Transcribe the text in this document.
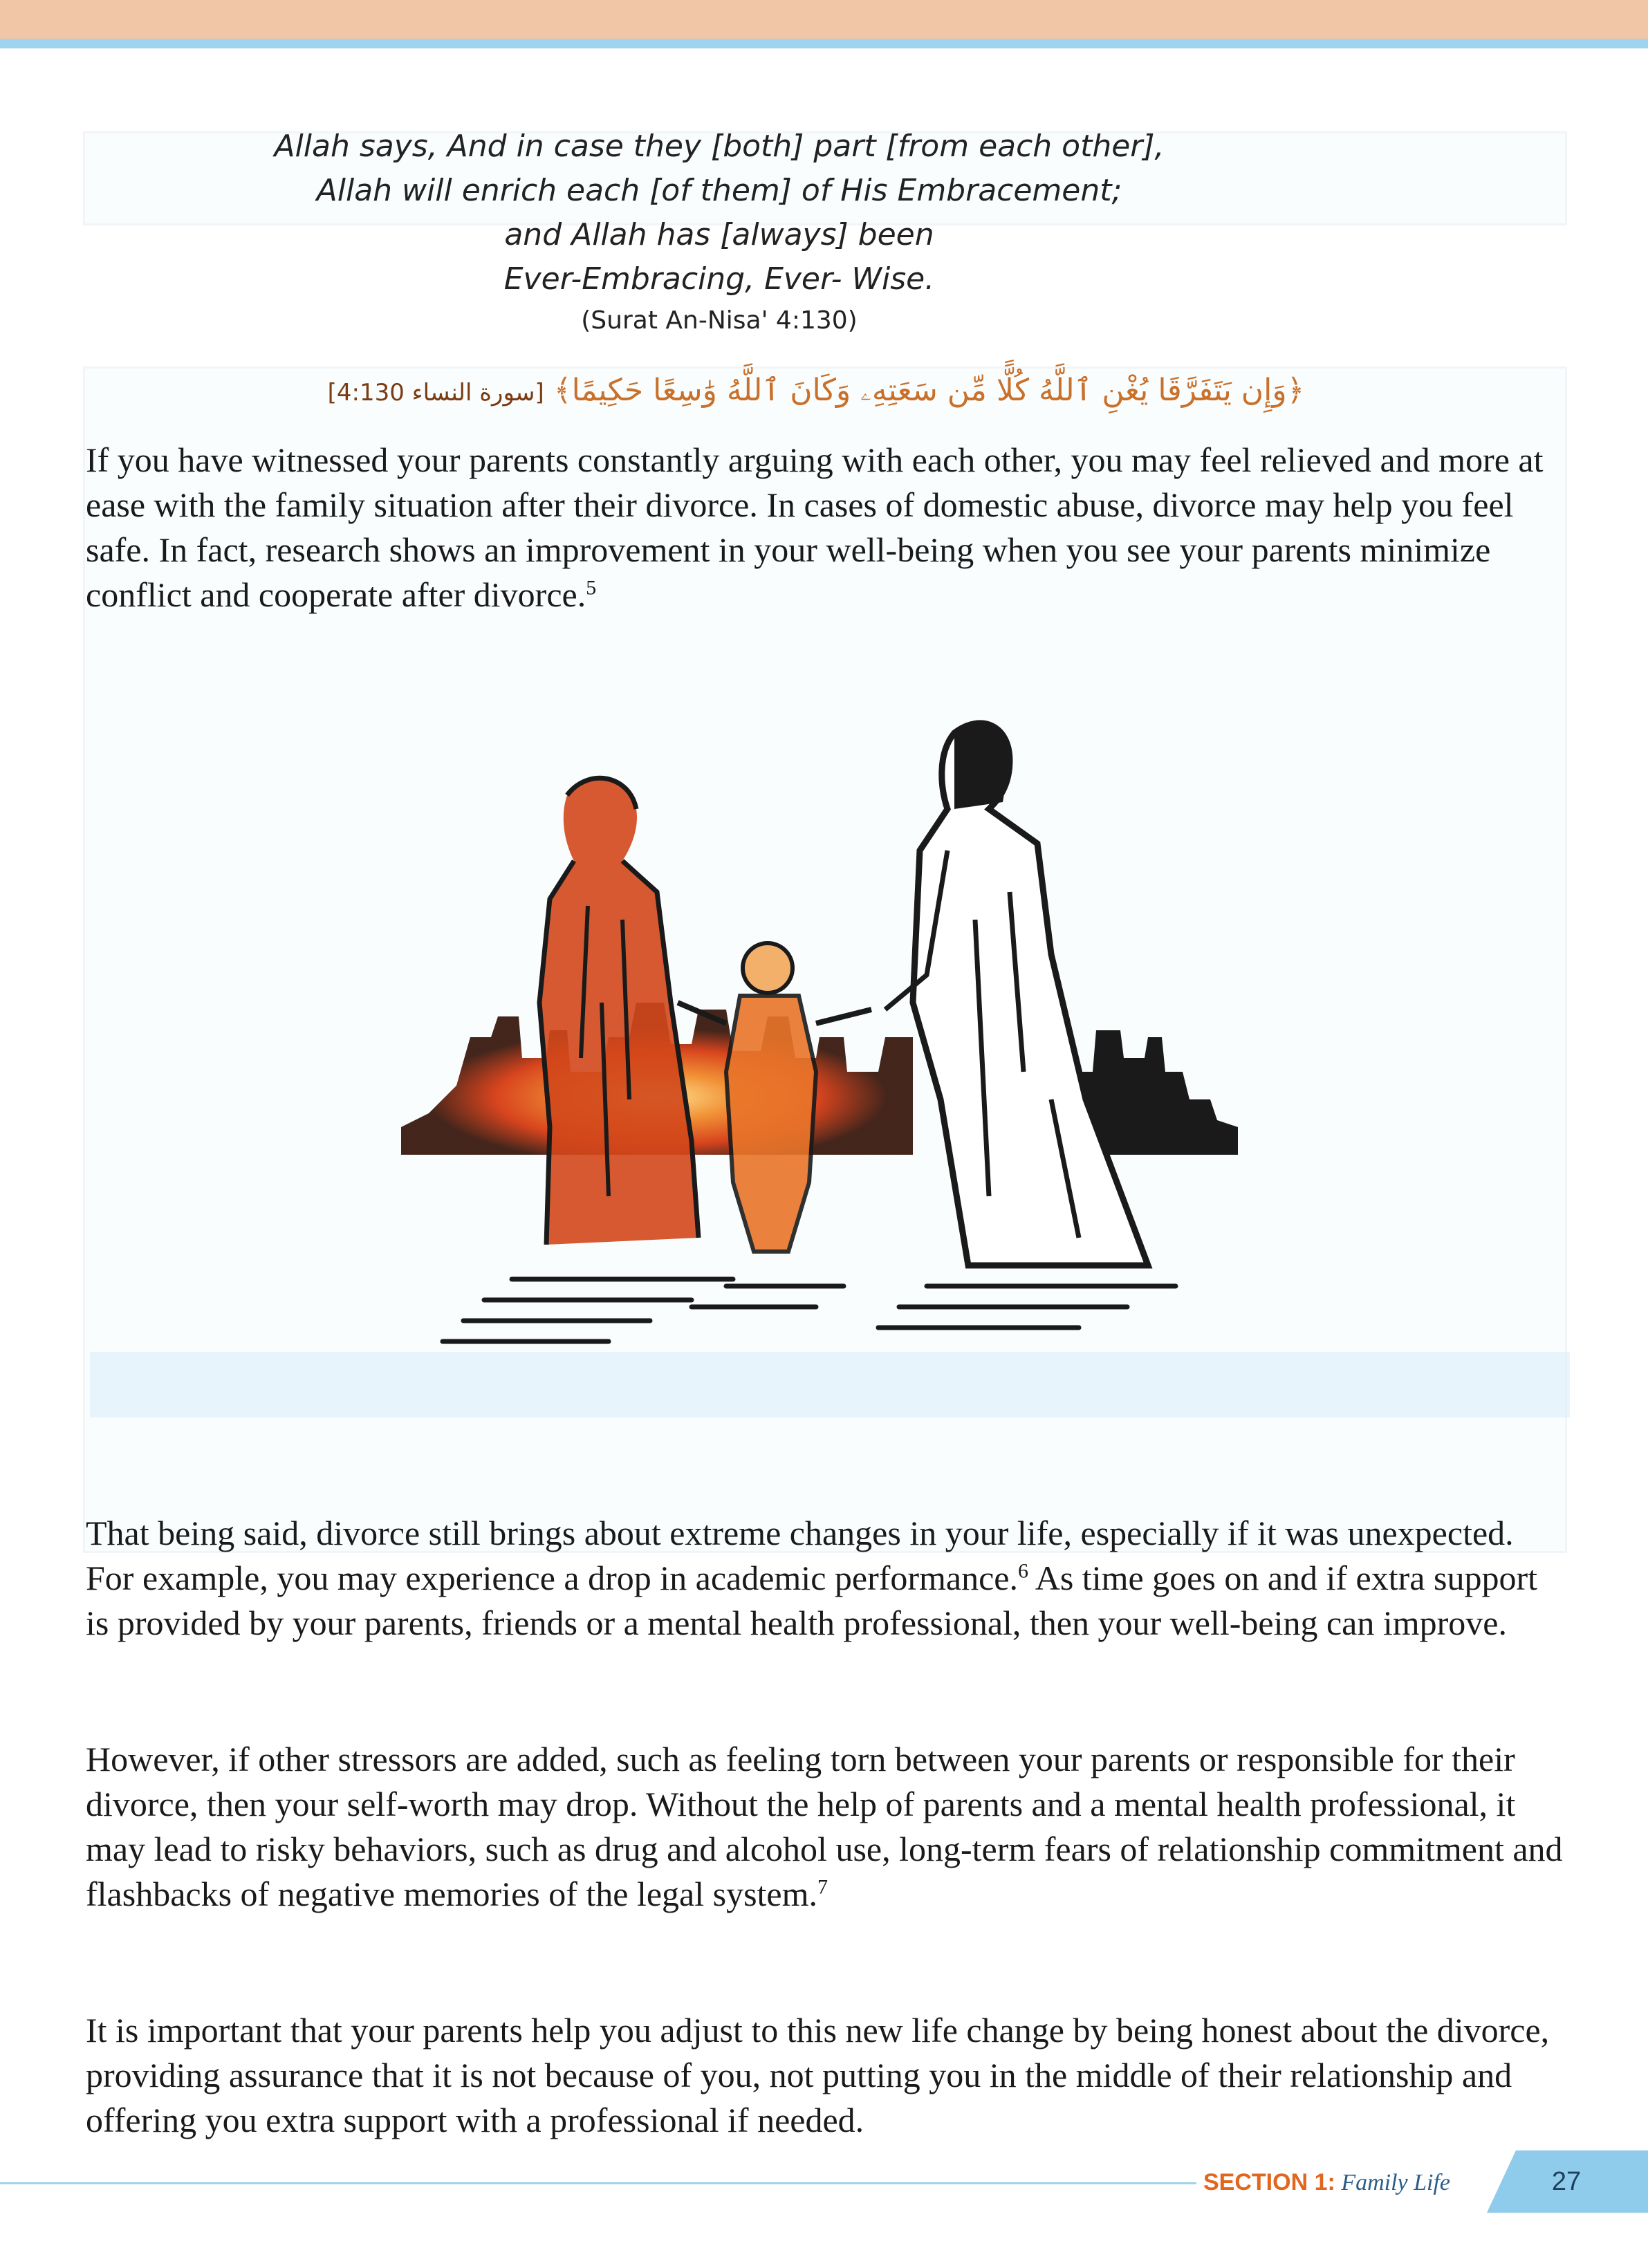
Allah says, And in case they [both] part [from each other],
Allah will enrich each [of them] of His Embracement;
and Allah has [always] been
Ever-Embracing, Ever- Wise.
(Surat An-Nisa' 4:130)
﴿وَإِن يَتَفَرَّقَا يُغْنِ ٱللَّهُ كُلًّا مِّن سَعَتِهِۦ وَكَانَ ٱللَّهُ وَٰسِعًا حَكِيمًا﴾ [سورة النساء 4:130]

If you have witnessed your parents constantly arguing with each other, you may feel relieved and more at ease with the family situation after their divorce. In cases of domestic abuse, divorce may help you feel safe. In fact, research shows an improvement in your well-being when you see your parents minimize conflict and cooperate after divorce.$^5$

That being said, divorce still brings about extreme changes in your life, especially if it was unexpected. For example, you may experience a drop in academic performance.$^6$ As time goes on and if extra support is provided by your parents, friends or a mental health professional, then your well-being can improve.

However, if other stressors are added, such as feeling torn between your parents or responsible for their divorce, then your self-worth may drop. Without the help of parents and a mental health professional, it may lead to risky behaviors, such as drug and alcohol use, long-term fears of relationship commitment and flashbacks of negative memories of the legal system.$^7$

It is important that your parents help you adjust to this new life change by being honest about the divorce, providing assurance that it is not because of you, not putting you in the middle of their relationship and offering you extra support with a professional if needed.

SECTION 1: Family Life	27
